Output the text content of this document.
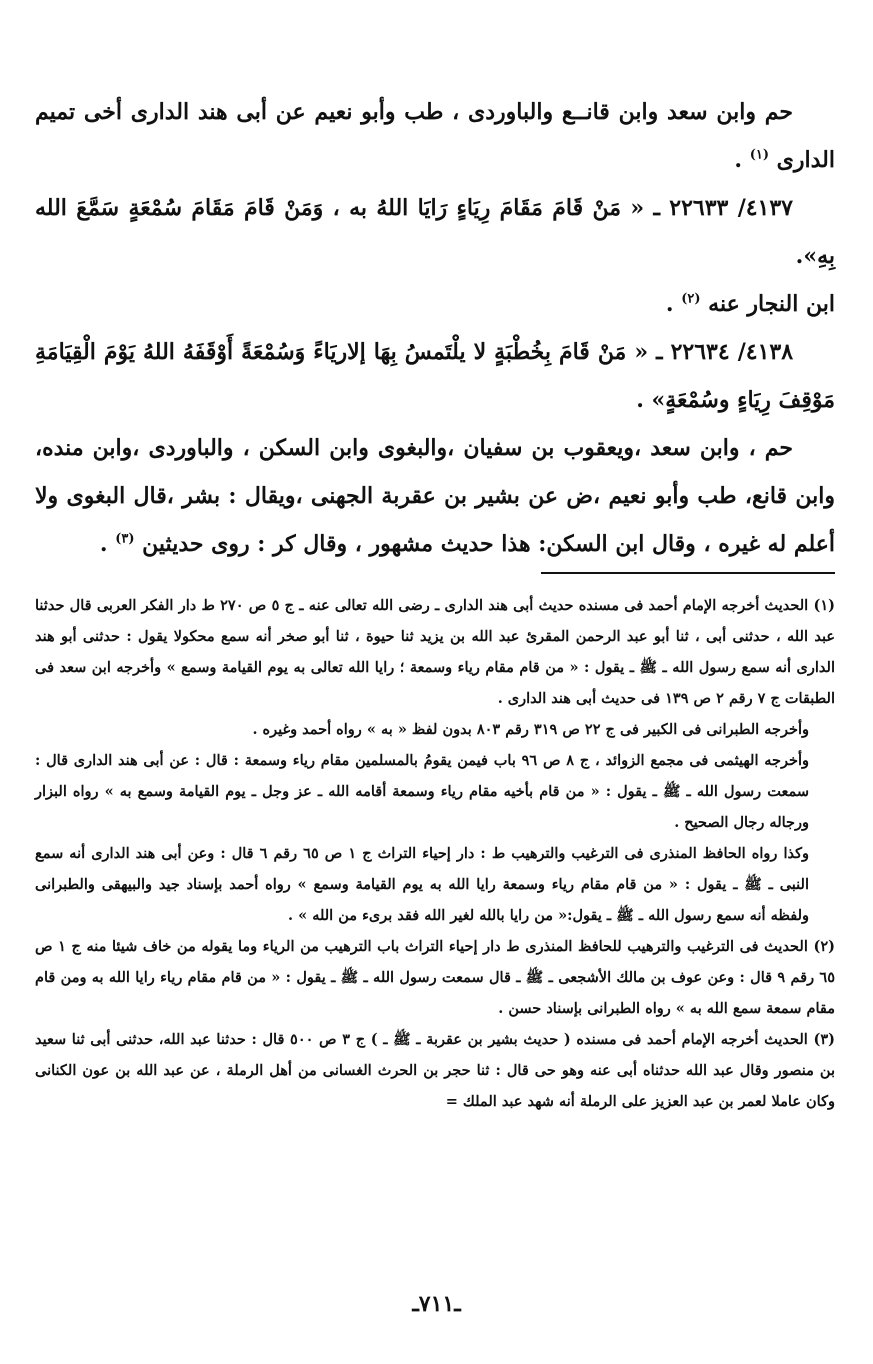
حم وابن سعد وابن قانــع والباوردى ، طب وأبو نعيم عن أبى هند الدارى أخى تميم الدارى $^{(١)}$ .

٤١٣٧/ ٢٢٦٣٣ ـ « مَنْ قَامَ مَقَامَ رِيَاءٍ رَايَا اللهُ به ، وَمَنْ قَامَ مَقَامَ سُمْعَةٍ سَمَّعَ الله بِهِ».

ابن النجار عنه $^{(٢)}$ .

٤١٣٨/ ٢٢٦٣٤ ـ « مَنْ قَامَ بِخُطْبَةٍ لا يلْتَمسُ بِهَا إلاريَاءً وَسُمْعَةً أَوْقَفَهُ اللهُ يَوْمَ الْقِيَامَةِ مَوْقِفَ رِيَاءٍ وسُمْعَةٍ» .

حم ، وابن سعد ،ويعقوب بن سفيان ،والبغوى وابن السكن ، والباوردى ،وابن منده، وابن قانع، طب وأبو نعيم ،ض عن بشير بن عقربة الجهنى ،ويقال : بشر ،قال البغوى ولا أعلم له غيره ، وقال ابن السكن: هذا حديث مشهور ، وقال كر : روى حديثين $^{(٣)}$ .

(١) الحديث أخرجه الإمام أحمد فى مسنده حديث أبى هند الدارى ـ رضى الله تعالى عنه ـ ج ٥ ص ٢٧٠ ط دار الفكر العربى قال حدثنا عبد الله ، حدثنى أبى ، ثنا أبو عبد الرحمن المقرئ عبد الله بن يزيد ثنا حيوة ، ثنا أبو صخر أنه سمع محكولا يقول : حدثنى أبو هند الدارى أنه سمع رسول الله ـ ﷺ ـ يقول : « من قام مقام رياء وسمعة ؛ رايا الله تعالى به يوم القيامة وسمع » وأخرجه ابن سعد فى الطبقات ج ٧ رقم ٢ ص ١٣٩ فى حديث أبى هند الدارى .

وأخرجه الطبرانى فى الكبير فى ج ٢٢ ص ٣١٩ رقم ٨٠٣ بدون لفظ « به » رواه أحمد وغيره .

وأخرجه الهيثمى فى مجمع الزوائد ، ج ٨ ص ٩٦ باب فيمن يقومُ بالمسلمين مقام رياء وسمعة : قال : عن أبى هند الدارى قال : سمعت رسول الله ـ ﷺ ـ يقول : « من قام بأخيه مقام رياء وسمعة أقامه الله ـ عز وجل ـ يوم القيامة وسمع به » رواه البزار ورجاله رجال الصحيح .

وكذا رواه الحافظ المنذرى فى الترغيب والترهيب ط : دار إحياء التراث ج ١ ص ٦٥ رقم ٦ قال : وعن أبى هند الدارى أنه سمع النبى ـ ﷺ ـ يقول : « من قام مقام رياء وسمعة رايا الله به يوم القيامة وسمع » رواه أحمد بإسناد جيد والبيهقى والطبرانى ولفظه أنه سمع رسول الله ـ ﷺ ـ يقول:« من رايا بالله لغير الله فقد برىء من الله » .

(٢) الحديث فى الترغيب والترهيب للحافظ المنذرى ط دار إحياء التراث باب الترهيب من الرياء وما يقوله من خاف شيئا منه ج ١ ص ٦٥ رقم ٩ قال : وعن عوف بن مالك الأشجعى ـ ﷺ ـ قال سمعت رسول الله ـ ﷺ ـ يقول : « من قام مقام رياء رايا الله به ومن قام مقام سمعة سمع الله به » رواه الطبرانى بإسناد حسن .

(٣) الحديث أخرجه الإمام أحمد فى مسنده ( حديث بشير بن عقربة ـ ﷺ ـ ) ج ٣ ص ٥٠٠ قال : حدثنا عبد الله، حدثنى أبى ثنا سعيد بن منصور وقال عبد الله حدثناه أبى عنه وهو حى قال : ثنا حجر بن الحرث الغسانى من أهل الرملة ، عن عبد الله بن عون الكنانى وكان عاملا لعمر بن عبد العزيز على الرملة أنه شهد عبد الملك =

ـ٧١١ـ
